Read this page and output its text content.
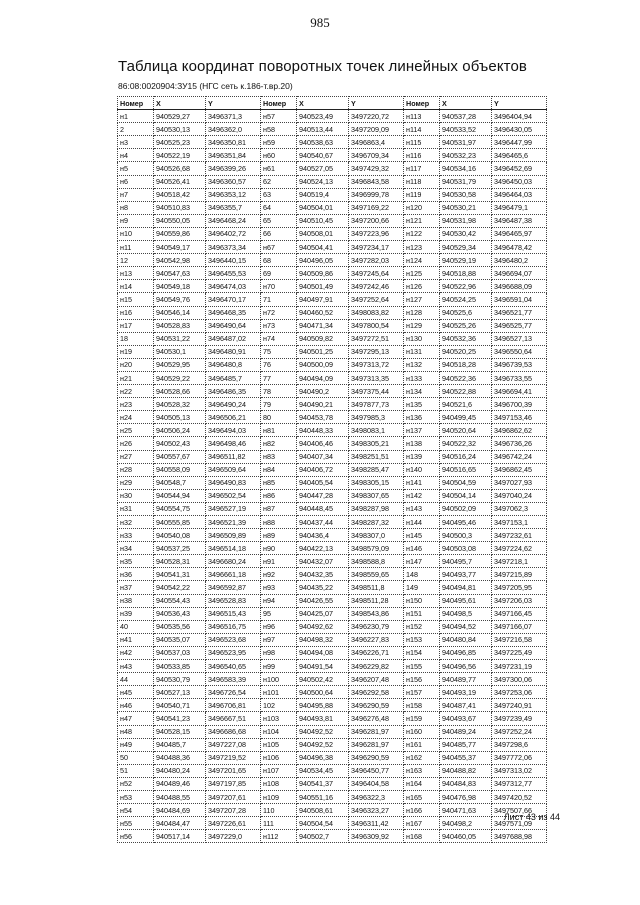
985
Таблица координат поворотных точек линейных объектов
86:08:0020904:ЗУ15 (НГС сеть к.186-т.вр.20)
Номер	X	Y	Номер	X	Y	Номер	X	Y
н1	940529,27	3496371,3	н57	940523,49	3497220,72	н113	940537,28	3496404,94
2	940530,13	3496362,0	н58	940513,44	3497209,09	н114	940533,52	3496430,05
н3	940525,23	3496350,81	н59	940538,63	3496863,4	н115	940531,97	3496447,99
н4	940522,19	3496351,84	н60	940540,67	3496709,34	н116	940532,23	3496465,6
н5	940526,68	3496399,26	н61	940527,05	3497429,32	н117	940534,16	3496452,69
н6	940526,41	3496360,57	62	940524,13	3496843,58	н118	940531,79	3496450,03
н7	940518,42	3496353,12	63	940519,4	3496999,78	н119	940530,58	3496464,03
н8	940510,83	3496355,7	64	940504,01	3497169,22	н120	940530,21	3496479,1
н9	940550,05	3496468,24	65	940510,45	3497200,66	н121	940531,98	3496487,38
н10	940559,86	3496402,72	66	940508,01	3497223,96	н122	940530,42	3496465,97
н11	940549,17	3496373,34	н67	940504,41	3497234,17	н123	940529,34	3496478,42
12	940542,98	3496440,15	68	940496,05	3497282,03	н124	940529,19	3496480,2
н13	940547,63	3496455,53	69	940509,86	3497245,64	н125	940518,88	3496694,07
н14	940549,18	3496474,03	н70	940501,49	3497242,46	н126	940522,96	3496688,09
н15	940549,76	3496470,17	71	940497,91	3497252,64	н127	940524,25	3496591,04
н16	940546,14	3496468,35	н72	940460,52	3498083,82	н128	940525,6	3496521,77
н17	940528,83	3496490,64	н73	940471,34	3497800,54	н129	940525,26	3496525,77
18	940531,22	3496487,02	н74	940509,82	3497272,51	н130	940532,36	3496527,13
н19	940530,1	3496480,91	75	940501,25	3497295,13	н131	940520,25	3496550,64
н20	940529,95	3496480,8	76	940500,09	3497313,72	н132	940518,28	3496739,53
н21	940529,22	3496485,7	77	940494,09	3497313,35	н133	940522,36	3496733,55
н22	940528,66	3496486,35	78	940490,2	3497375,44	н134	940522,88	3496694,41
н23	940528,32	3496490,24	79	940490,21	3497877,73	н135	940521,6	3496700,39
н24	940505,13	3496506,21	80	940453,78	3497985,3	н136	940499,45	3497153,46
н25	940506,24	3496494,03	н81	940448,33	3498083,1	н137	940520,64	3496862,62
н26	940502,43	3496498,46	н82	940406,46	3498305,21	н138	940522,32	3496736,26
н27	940557,67	3496511,82	н83	940407,34	3498251,51	н139	940516,24	3496742,24
н28	940558,09	3496509,64	н84	940406,72	3498285,47	н140	940516,65	3496862,45
н29	940548,7	3496490,83	н85	940405,54	3498305,15	н141	940504,59	3497027,93
н30	940544,94	3496502,54	н86	940447,28	3498307,65	н142	940504,14	3497040,24
н31	940554,75	3496527,19	н87	940448,45	3498287,98	н143	940502,09	3497062,3
н32	940555,85	3496521,39	н88	940437,44	3498287,32	н144	940495,46	3497153,1
н33	940540,08	3496509,89	н89	940436,4	3498307,0	н145	940500,3	3497232,61
н34	940537,25	3496514,18	н90	940422,13	3498579,09	н146	940503,08	3497224,62
н35	940528,31	3496680,24	н91	940432,07	3498588,8	н147	940495,7	3497218,1
н36	940541,31	3496661,18	н92	940432,35	3498559,65	148	940493,77	3497215,89
н37	940542,22	3496592,87	н93	940435,22	3498511,8	149	940494,81	3497205,95
н38	940554,43	3496528,83	н94	940426,55	3498511,28	н150	940495,61	3497206,03
н39	940536,43	3496515,43	95	940425,07	3498543,86	н151	940498,5	3497166,45
40	940535,56	3496516,75	н96	940492,62	3496230,79	н152	940494,52	3497166,07
н41	940535,07	3496523,68	н97	940498,32	3496227,83	н153	940480,84	3497216,58
н42	940537,03	3496523,95	н98	940494,08	3496226,71	н154	940496,85	3497225,49
н43	940533,85	3496540,65	н99	940491,54	3496229,82	н155	940496,56	3497231,19
44	940530,79	3496583,39	н100	940502,42	3496207,48	н156	940489,77	3497300,06
н45	940527,13	3496726,54	н101	940500,64	3496292,58	н157	940493,19	3497253,06
н46	940540,71	3496706,81	102	940495,88	3496290,59	н158	940487,41	3497240,91
н47	940541,23	3496667,51	н103	940493,81	3496276,48	н159	940493,67	3497239,49
н48	940528,15	3496686,68	н104	940492,52	3496281,97	н160	940489,24	3497252,24
н49	940485,7	3497227,08	н105	940492,52	3496281,97	н161	940485,77	3497298,6
50	940488,36	3497219,52	н106	940496,38	3496290,59	н162	940455,37	3497772,06
51	940480,24	3497201,65	н107	940534,45	3496450,77	н163	940488,82	3497313,02
н52	940489,46	3497197,85	н108	940541,37	3496404,58	н164	940484,83	3497312,77
н53	940488,55	3497207,61	н109	940551,16	3496322,3	н165	940476,98	3497420,52
н54	940484,69	3497207,28	110	940508,61	3496323,27	н166	940471,63	3497507,66
н55	940484,47	3497226,61	111	940504,54	3496311,42	н167	940498,2	3497571,09
н56	940517,14	3497229,0	н112	940502,7	3496309,92	н168	940460,05	3497688,98
Лист 43 из 44
